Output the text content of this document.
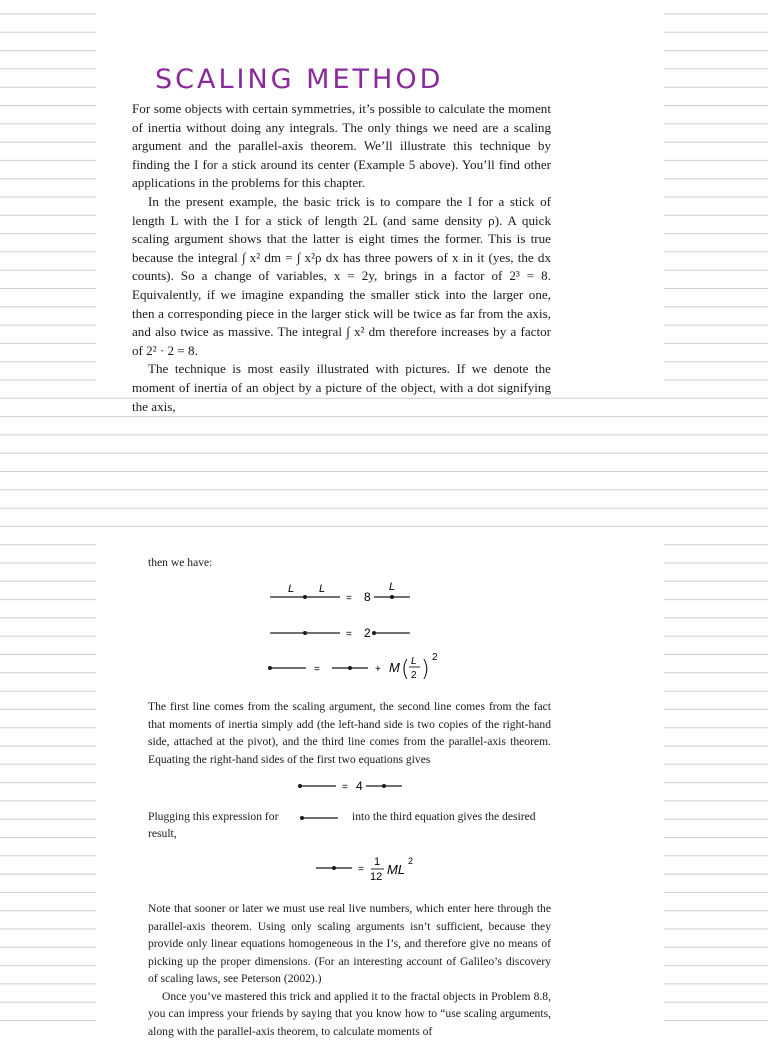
SCALING METHOD

For some objects with certain symmetries, it’s possible to calculate the moment of inertia without doing any integrals. The only things we need are a scaling argument and the parallel-axis theorem. We’ll illustrate this technique by finding the I for a stick around its center (Example 5 above). You’ll find other applications in the problems for this chapter.

In the present example, the basic trick is to compare the I for a stick of length L with the I for a stick of length 2L (and same density ρ). A quick scaling argument shows that the latter is eight times the former. This is true because the integral ∫ x² dm = ∫ x²ρ dx has three powers of x in it (yes, the dx counts). So a change of variables, x = 2y, brings in a factor of 2³ = 8. Equivalently, if we imagine expanding the smaller stick into the larger one, then a corresponding piece in the larger stick will be twice as far from the axis, and also twice as massive. The integral ∫ x² dm therefore increases by a factor of 2² · 2 = 8.

The technique is most easily illustrated with pictures. If we denote the moment of inertia of an object by a picture of the object, with a dot signifying the axis,

then we have:
L L
= 8
L
= 2
=	+ M ( L
2 ) 2
The first line comes from the scaling argument, the second line comes from the fact that moments of inertia simply add (the left-hand side is two copies of the right-hand side, attached at the pivot), and the third line comes from the parallel-axis theorem. Equating the right-hand sides of the first two equations gives
= 4
Plugging this expression for	into the third equation gives the desired
result,
=
1
12 ML
2

Note that sooner or later we must use real live numbers, which enter here through the parallel-axis theorem. Using only scaling arguments isn’t sufficient, because they provide only linear equations homogeneous in the I’s, and therefore give no means of picking up the proper dimensions. (For an interesting account of Galileo’s discovery of scaling laws, see Peterson (2002).)

Once you’ve mastered this trick and applied it to the fractal objects in Problem 8.8, you can impress your friends by saying that you know how to “use scaling arguments, along with the parallel-axis theorem, to calculate moments of
